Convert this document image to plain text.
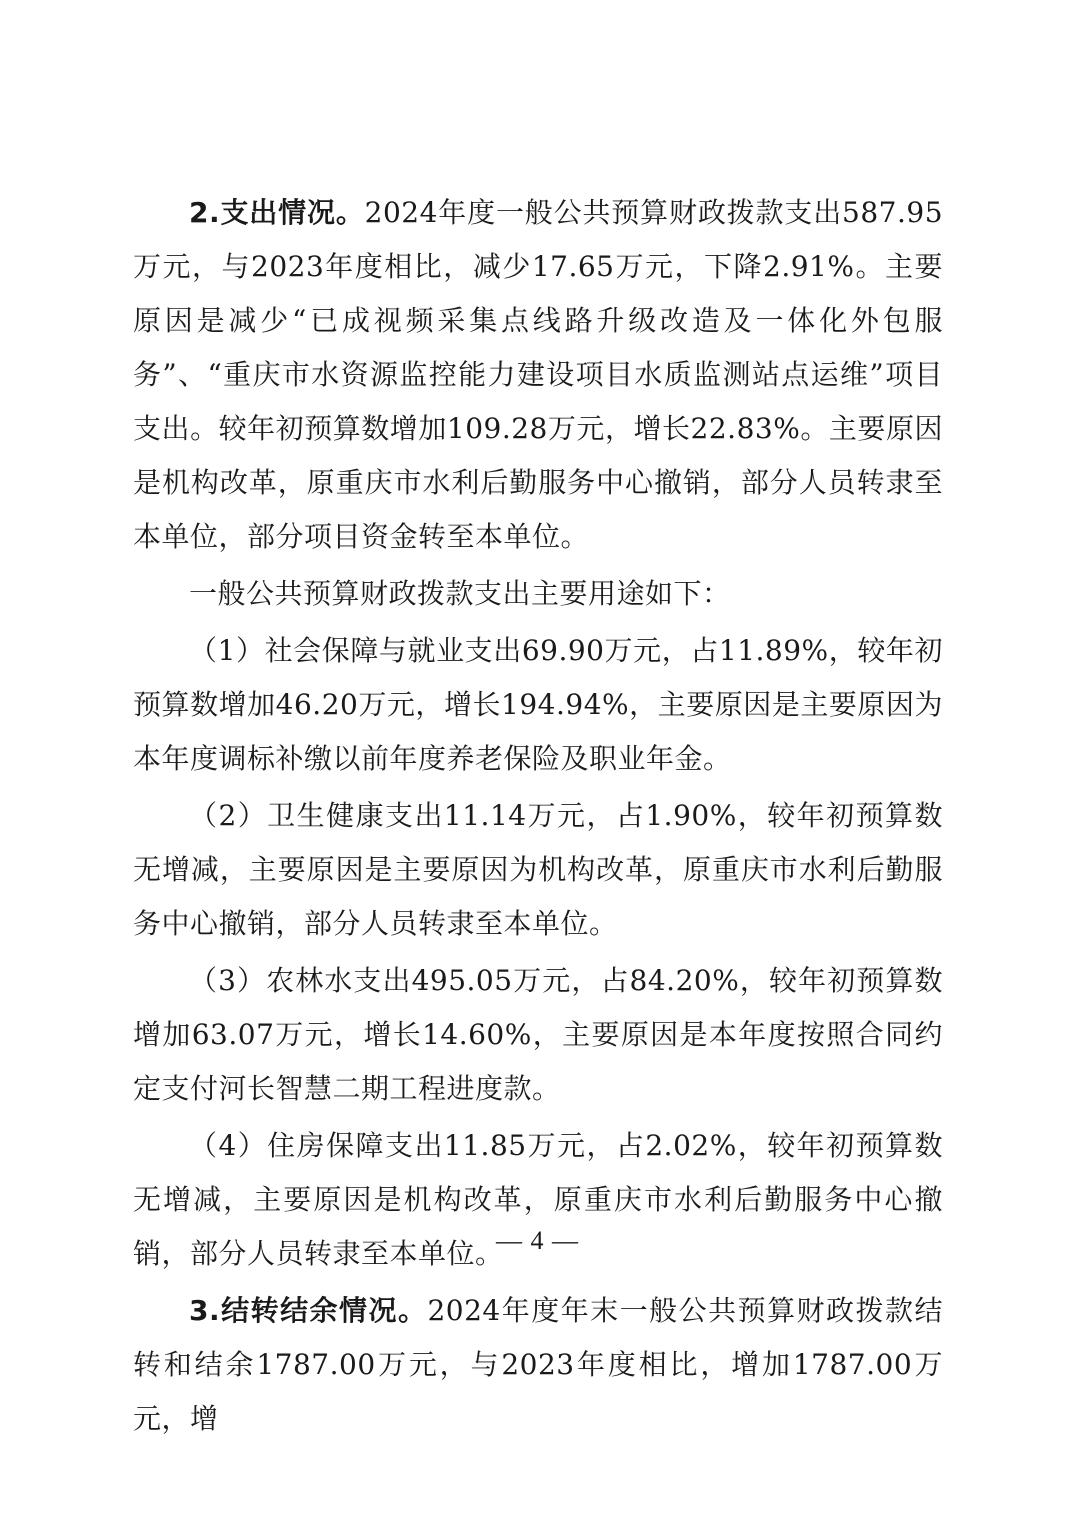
2.支出情况。2024年度一般公共预算财政拨款支出587.95万元，与2023年度相比，减少17.65万元，下降2.91%。主要原因是减少“已成视频采集点线路升级改造及一体化外包服务”、“重庆市水资源监控能力建设项目水质监测站点运维”项目支出。较年初预算数增加109.28万元，增长22.83%。主要原因是机构改革，原重庆市水利后勤服务中心撤销，部分人员转隶至本单位，部分项目资金转至本单位。

一般公共预算财政拨款支出主要用途如下：

（1）社会保障与就业支出69.90万元，占11.89%，较年初预算数增加46.20万元，增长194.94%，主要原因是主要原因为本年度调标补缴以前年度养老保险及职业年金。

（2）卫生健康支出11.14万元，占1.90%，较年初预算数无增减，主要原因是主要原因为机构改革，原重庆市水利后勤服务中心撤销，部分人员转隶至本单位。

（3）农林水支出495.05万元，占84.20%，较年初预算数增加63.07万元，增长14.60%，主要原因是本年度按照合同约定支付河长智慧二期工程进度款。

（4）住房保障支出11.85万元，占2.02%，较年初预算数无增减，主要原因是机构改革，原重庆市水利后勤服务中心撤销，部分人员转隶至本单位。

3.结转结余情况。2024年度年末一般公共预算财政拨款结转和结余1787.00万元，与2023年度相比，增加1787.00万元，增

— 4 —
